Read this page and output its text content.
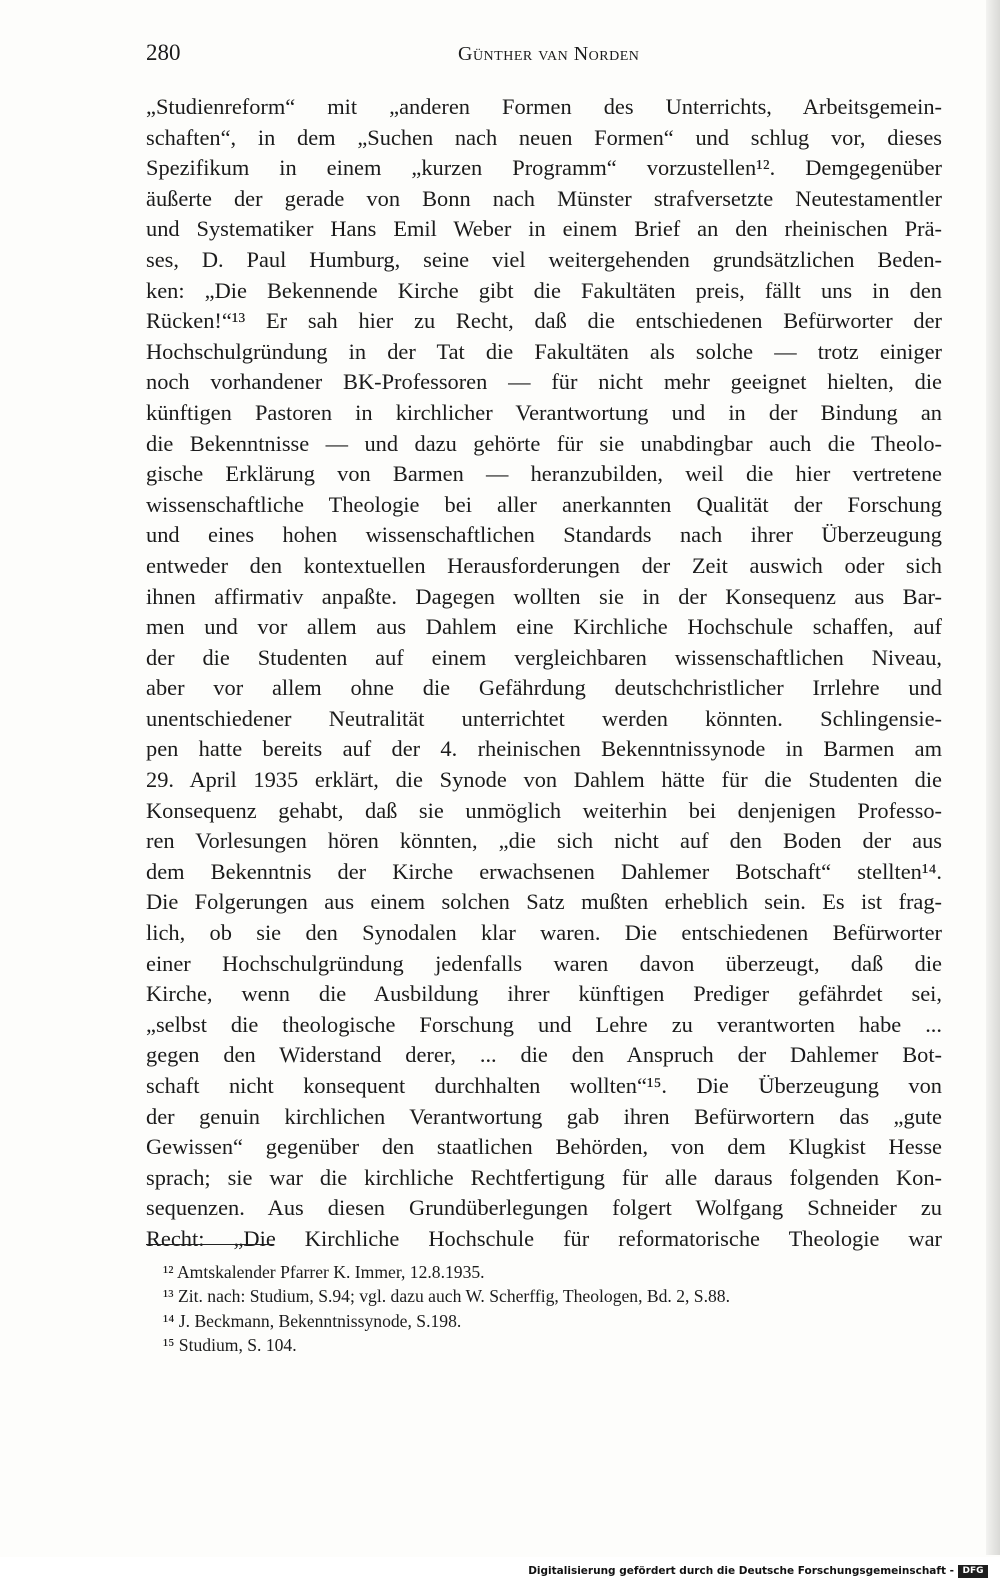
280	Günther van Norden
„Studienreform“ mit „anderen Formen des Unterrichts, Arbeitsgemein-
schaften“, in dem „Suchen nach neuen Formen“ und schlug vor, dieses
Spezifikum in einem „kurzen Programm“ vorzustellen¹². Demgegenüber
äußerte der gerade von Bonn nach Münster strafversetzte Neutestamentler
und Systematiker Hans Emil Weber in einem Brief an den rheinischen Prä-
ses, D. Paul Humburg, seine viel weitergehenden grundsätzlichen Beden-
ken: „Die Bekennende Kirche gibt die Fakultäten preis, fällt uns in den
Rücken!“¹³ Er sah hier zu Recht, daß die entschiedenen Befürworter der
Hochschulgründung in der Tat die Fakultäten als solche — trotz einiger
noch vorhandener BK-Professoren — für nicht mehr geeignet hielten, die
künftigen Pastoren in kirchlicher Verantwortung und in der Bindung an
die Bekenntnisse — und dazu gehörte für sie unabdingbar auch die Theolo-
gische Erklärung von Barmen — heranzubilden, weil die hier vertretene
wissenschaftliche Theologie bei aller anerkannten Qualität der Forschung
und eines hohen wissenschaftlichen Standards nach ihrer Überzeugung
entweder den kontextuellen Herausforderungen der Zeit auswich oder sich
ihnen affirmativ anpaßte. Dagegen wollten sie in der Konsequenz aus Bar-
men und vor allem aus Dahlem eine Kirchliche Hochschule schaffen, auf
der die Studenten auf einem vergleichbaren wissenschaftlichen Niveau,
aber vor allem ohne die Gefährdung deutschchristlicher Irrlehre und
unentschiedener Neutralität unterrichtet werden könnten. Schlingensie-
pen hatte bereits auf der 4. rheinischen Bekenntnissynode in Barmen am
29. April 1935 erklärt, die Synode von Dahlem hätte für die Studenten die
Konsequenz gehabt, daß sie unmöglich weiterhin bei denjenigen Professo-
ren Vorlesungen hören könnten, „die sich nicht auf den Boden der aus
dem Bekenntnis der Kirche erwachsenen Dahlemer Botschaft“ stellten¹⁴.
Die Folgerungen aus einem solchen Satz mußten erheblich sein. Es ist frag-
lich, ob sie den Synodalen klar waren. Die entschiedenen Befürworter
einer Hochschulgründung jedenfalls waren davon überzeugt, daß die
Kirche, wenn die Ausbildung ihrer künftigen Prediger gefährdet sei,
„selbst die theologische Forschung und Lehre zu verantworten habe ...
gegen den Widerstand derer, ... die den Anspruch der Dahlemer Bot-
schaft nicht konsequent durchhalten wollten“¹⁵. Die Überzeugung von
der genuin kirchlichen Verantwortung gab ihren Befürwortern das „gute
Gewissen“ gegenüber den staatlichen Behörden, von dem Klugkist Hesse
sprach; sie war die kirchliche Rechtfertigung für alle daraus folgenden Kon-
sequenzen. Aus diesen Grundüberlegungen folgert Wolfgang Schneider zu
Recht: „Die Kirchliche Hochschule für reformatorische Theologie war
¹² Amtskalender Pfarrer K. Immer, 12.8.1935.
¹³ Zit. nach: Studium, S.94; vgl. dazu auch W. Scherffig, Theologen, Bd. 2, S.88.
¹⁴ J. Beckmann, Bekenntnissynode, S.198.
¹⁵ Studium, S. 104.
Digitalisierung gefördert durch die Deutsche Forschungsgemeinschaft - DFG
